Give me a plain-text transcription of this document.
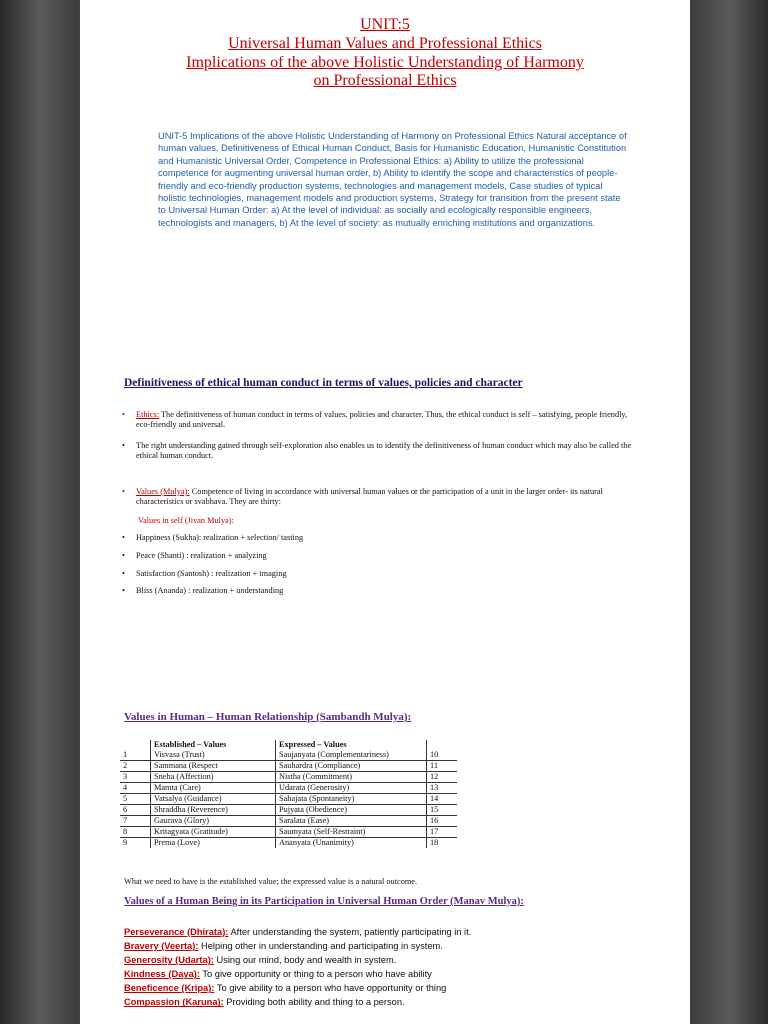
UNIT:5
Universal Human Values and Professional Ethics
Implications of the above Holistic Understanding of Harmony
on Professional Ethics
UNIT-5 Implications of the above Holistic Understanding of Harmony on Professional Ethics Natural acceptance of human values, Definitiveness of Ethical Human Conduct, Basis for Humanistic Education, Humanistic Constitution and Humanistic Universal Order, Competence in Professional Ethics: a) Ability to utilize the professional competence for augmenting universal human order, b) Ability to identify the scope and characteristics of people-friendly and eco-friendly production systems, technologies and management models, Case studies of typical holistic technologies, management models and production systems, Strategy for transition from the present state to Universal Human Order: a) At the level of individual: as socially and ecologically responsible engineers, technologists and managers, b) At the level of society: as mutually enriching institutions and organizations.
Definitiveness of ethical human conduct in terms of values, policies and character
• Ethics: The definitiveness of human conduct in terms of values, policies and character. Thus, the ethical conduct is self – satisfying, people friendly, eco-friendly and universal.
• The right understanding gained through self-exploration also enables us to identify the definitiveness of human conduct which may also be called the ethical human conduct.
• Values (Mulya): Competence of living in accordance with universal human values or the participation of a unit in the larger order- its natural characteristics or svabhava. They are thirty:
Values in self (Jivan Mulya):
• Happiness (Sukha): realization + selection/ tasting
• Peace (Shanti) : realization + analyzing
• Satisfaction (Santosh) : realization + imaging
• Bliss (Ananda) : realization + understanding
Values in Human – Human Relationship (Sambandh Mulya):
	Established – Values	Expressed – Values	
1	Visvasa (Trust)	Saujanyata (Complementariness)	10
2	Sammana (Respect	Sauhardra (Compliance)	11
3	Sneha (Affection)	Nistha (Commitment)	12
4	Mamta (Care)	Udarata (Generosity)	13
5	Vatsalya (Guidance)	Sahajata (Spontaneity)	14
6	Shraddha (Reverence)	Pujyata (Obedience)	15
7	Gaurava (Glory)	Saralata (Ease)	16
8	Kritagyata (Gratitude)	Saumyata (Self-Restraint)	17
9	Prema (Love)	Ananyata (Unanimity)	18
What we need to have is the established value; the expressed value is a natural outcome.
Values of a Human Being in its Participation in Universal Human Order (Manav Mulya):
Perseverance (Dhirata): After understanding the system, patiently participating in it.
Bravery (Veerta): Helping other in understanding and participating in system.
Generosity (Udarta): Using our mind, body and wealth in system.
Kindness (Daya): To give opportunity or thing to a person who have ability
Beneficence (Kripa): To give ability to a person who have opportunity or thing
Compassion (Karuna): Providing both ability and thing to a person.
